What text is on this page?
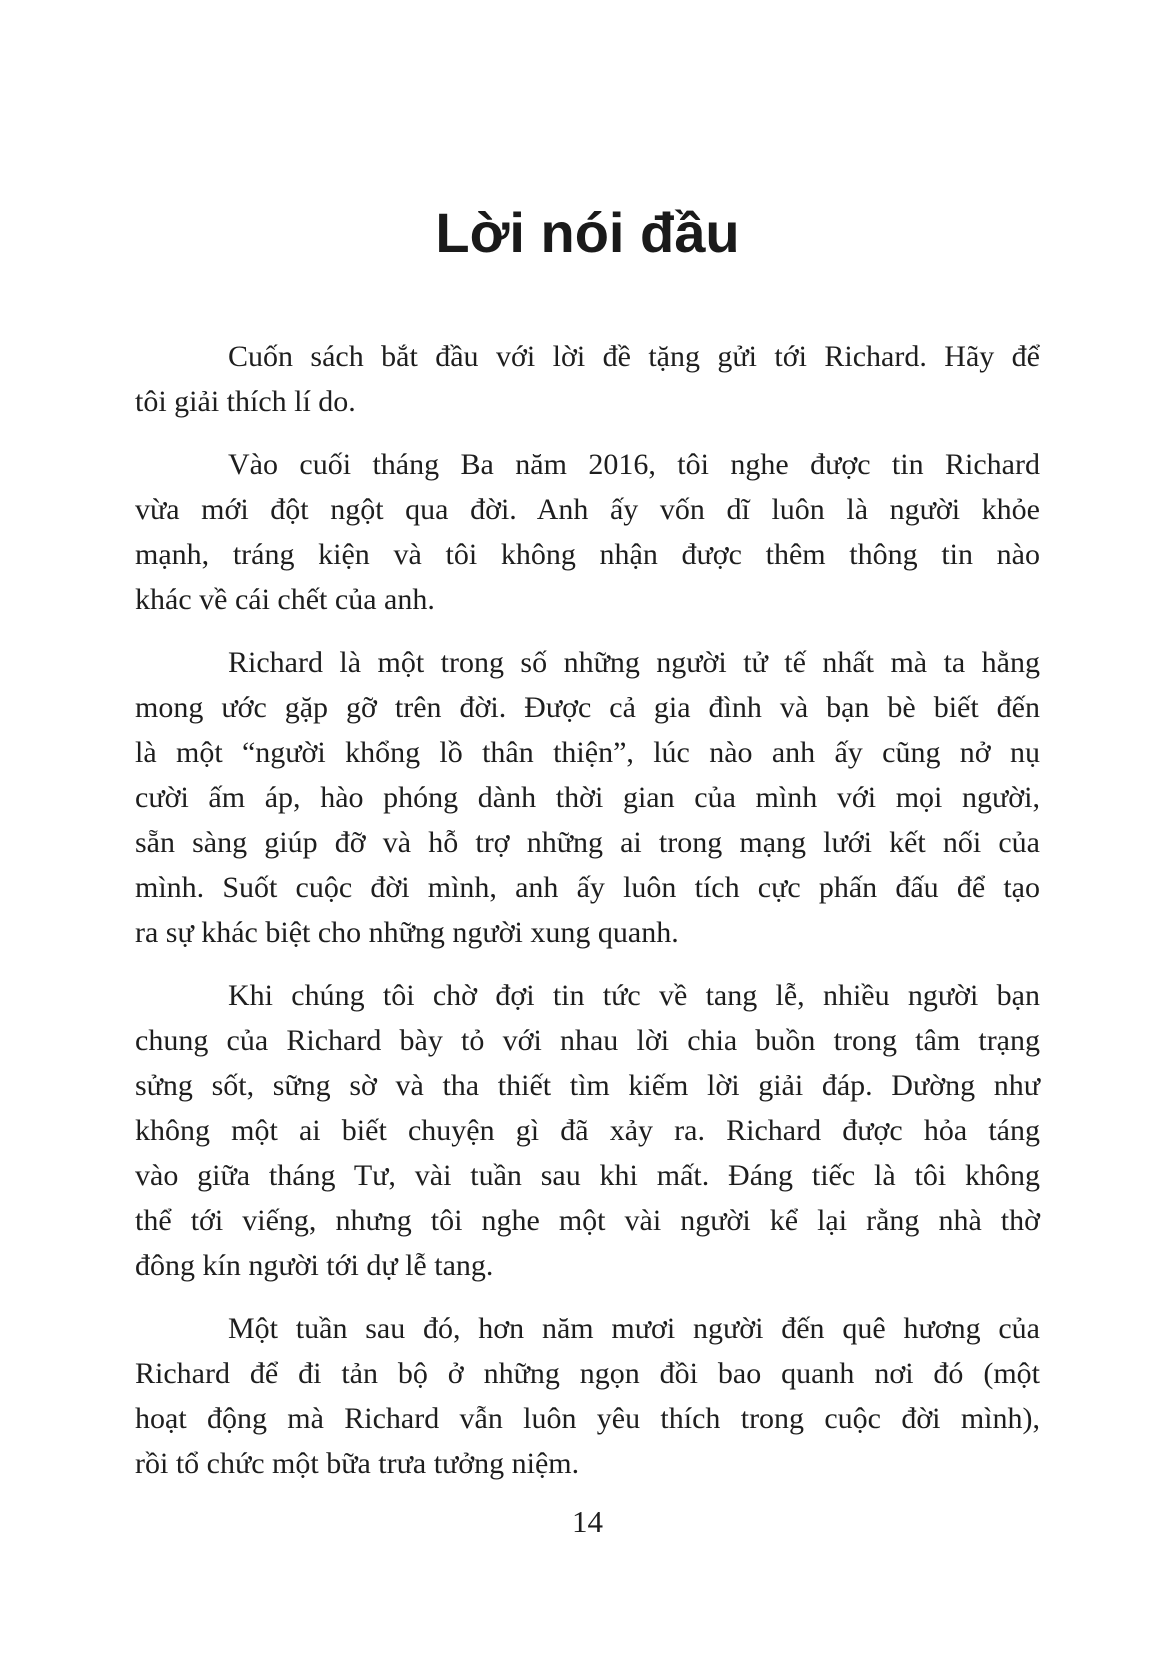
Lời nói đầu
Cuốn sách bắt đầu với lời đề tặng gửi tới Richard. Hãy để
tôi giải thích lí do.
Vào cuối tháng Ba năm 2016, tôi nghe được tin Richard
vừa mới đột ngột qua đời. Anh ấy vốn dĩ luôn là người khỏe
mạnh, tráng kiện và tôi không nhận được thêm thông tin nào
khác về cái chết của anh.
Richard là một trong số những người tử tế nhất mà ta hằng
mong ước gặp gỡ trên đời. Được cả gia đình và bạn bè biết đến
là một “người khổng lồ thân thiện”, lúc nào anh ấy cũng nở nụ
cười ấm áp, hào phóng dành thời gian của mình với mọi người,
sẵn sàng giúp đỡ và hỗ trợ những ai trong mạng lưới kết nối của
mình. Suốt cuộc đời mình, anh ấy luôn tích cực phấn đấu để tạo
ra sự khác biệt cho những người xung quanh.
Khi chúng tôi chờ đợi tin tức về tang lễ, nhiều người bạn
chung của Richard bày tỏ với nhau lời chia buồn trong tâm trạng
sửng sốt, sững sờ và tha thiết tìm kiếm lời giải đáp. Dường như
không một ai biết chuyện gì đã xảy ra. Richard được hỏa táng
vào giữa tháng Tư, vài tuần sau khi mất. Đáng tiếc là tôi không
thể tới viếng, nhưng tôi nghe một vài người kể lại rằng nhà thờ
đông kín người tới dự lễ tang.
Một tuần sau đó, hơn năm mươi người đến quê hương của
Richard để đi tản bộ ở những ngọn đồi bao quanh nơi đó (một
hoạt động mà Richard vẫn luôn yêu thích trong cuộc đời mình),
rồi tổ chức một bữa trưa tưởng niệm.
14
